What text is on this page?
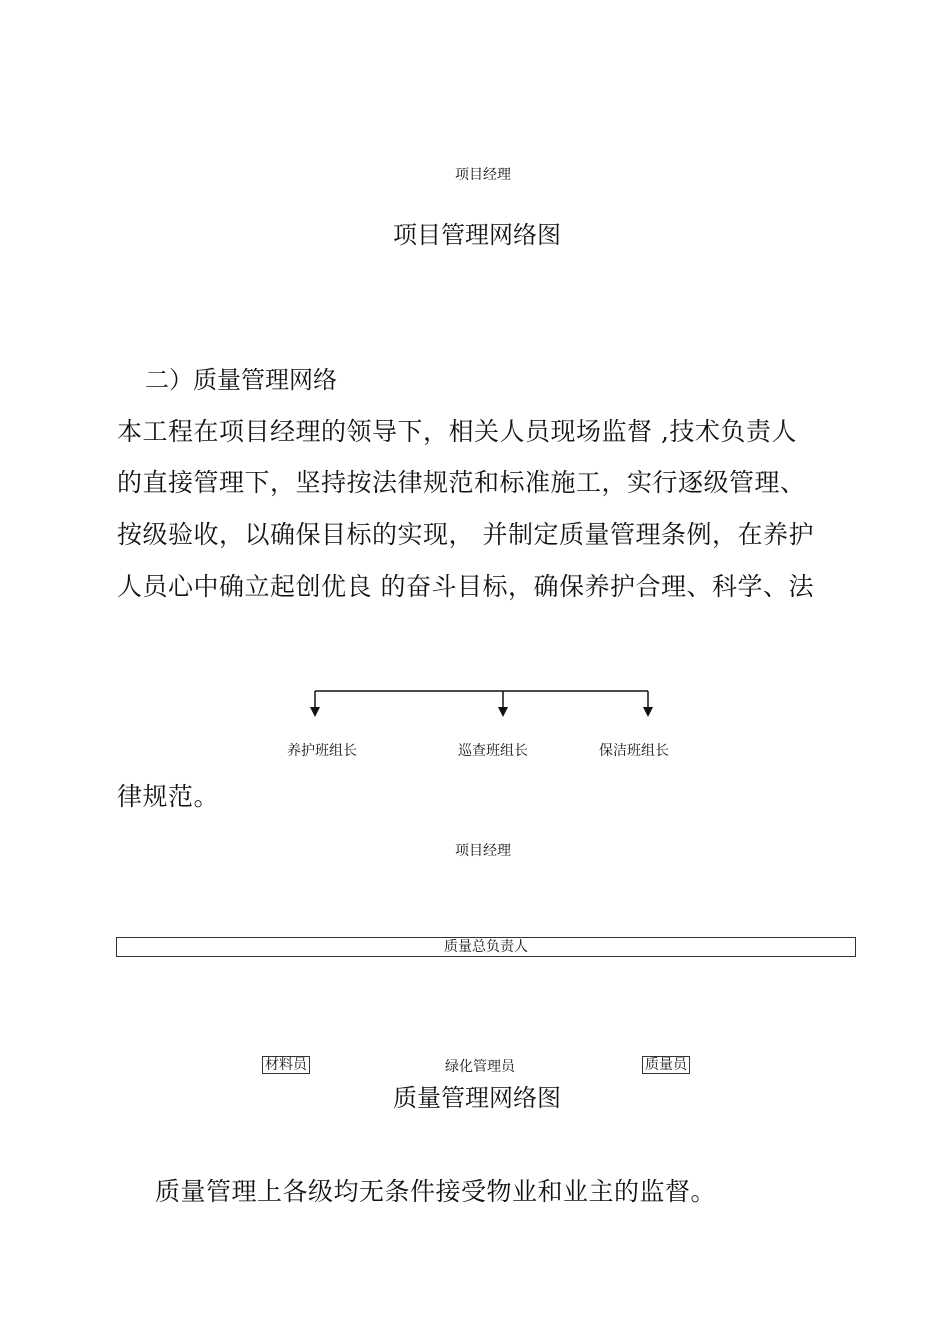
项目经理
项目管理网络图
二）质量管理网络
本工程在项目经理的领导下，相关人员现场监督 ,技术负责人
的直接管理下，坚持按法律规范和标准施工，实行逐级管理、
按级验收，以确保目标的实现， 并制定质量管理条例，在养护
人员心中确立起创优良 的奋斗目标，确保养护合理、科学、法
养护班组长	巡查班组长	保洁班组长
律规范。
项目经理
质量总负责人
材料员	绿化管理员	质量员
质量管理网络图
质量管理上各级均无条件接受物业和业主的监督。
